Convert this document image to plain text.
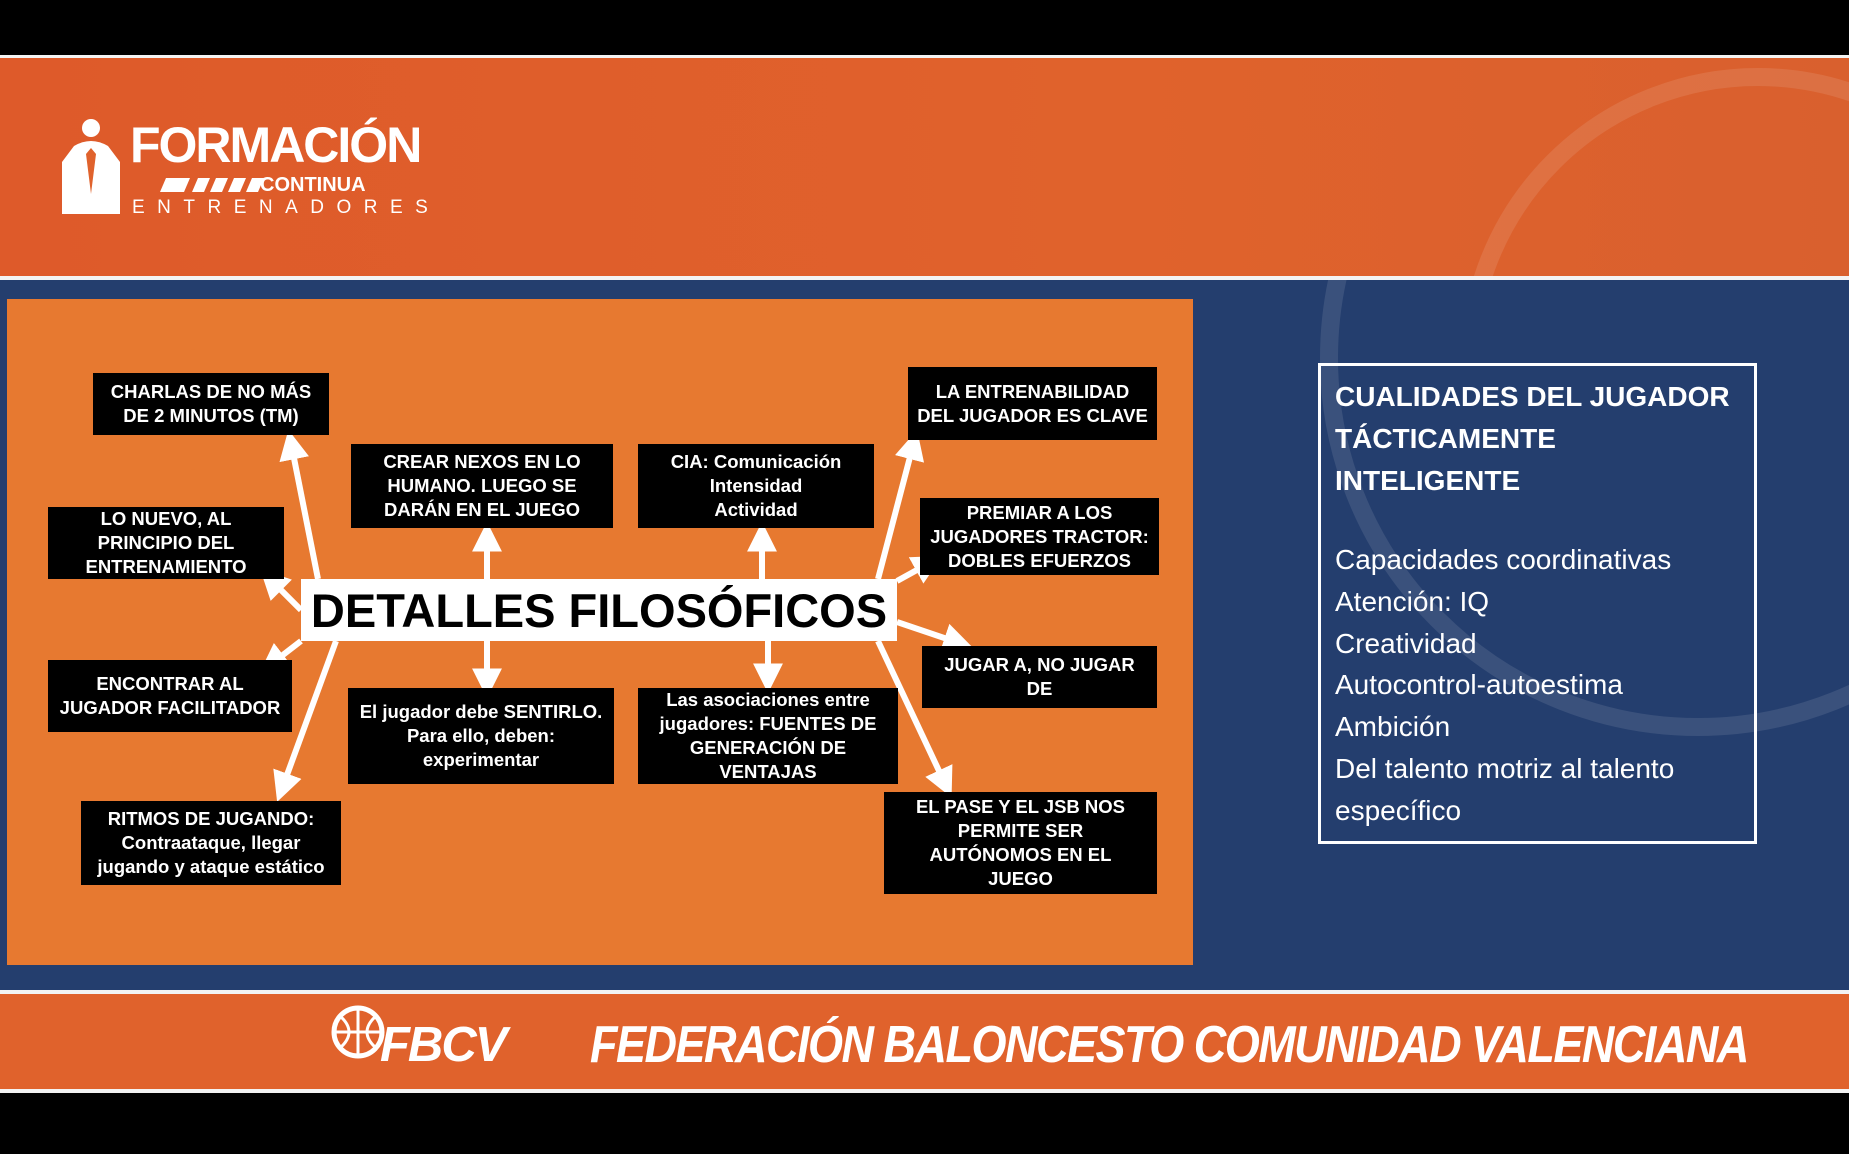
FORMACIÓN
CONTINUA
ENTRENADORES
CHARLAS DE NO MÁS
DE 2 MINUTOS (TM)
LO NUEVO, AL
PRINCIPIO DEL
ENTRENAMIENTO
ENCONTRAR AL
JUGADOR FACILITADOR
RITMOS DE JUGANDO:
Contraataque, llegar
jugando y ataque estático
CREAR NEXOS EN LO
HUMANO. LUEGO SE
DARÁN EN EL JUEGO
El jugador debe SENTIRLO.
Para ello, deben:
experimentar
CIA: Comunicación
Intensidad
Actividad
Las asociaciones entre
jugadores: FUENTES DE
GENERACIÓN DE
VENTAJAS
LA ENTRENABILIDAD
DEL JUGADOR ES CLAVE
PREMIAR A LOS
JUGADORES TRACTOR:
DOBLES EFUERZOS
JUGAR A, NO JUGAR
DE
EL PASE Y EL JSB NOS
PERMITE SER
AUTÓNOMOS EN EL
JUEGO
DETALLES FILOSÓFICOS
CUALIDADES DEL JUGADOR
TÁCTICAMENTE
INTELIGENTE
Capacidades coordinativas
Atención: IQ
Creatividad
Autocontrol-autoestima
Ambición
Del talento motriz al talento
específico
FBCV FEDERACIÓN BALONCESTO COMUNIDAD VALENCIANA
